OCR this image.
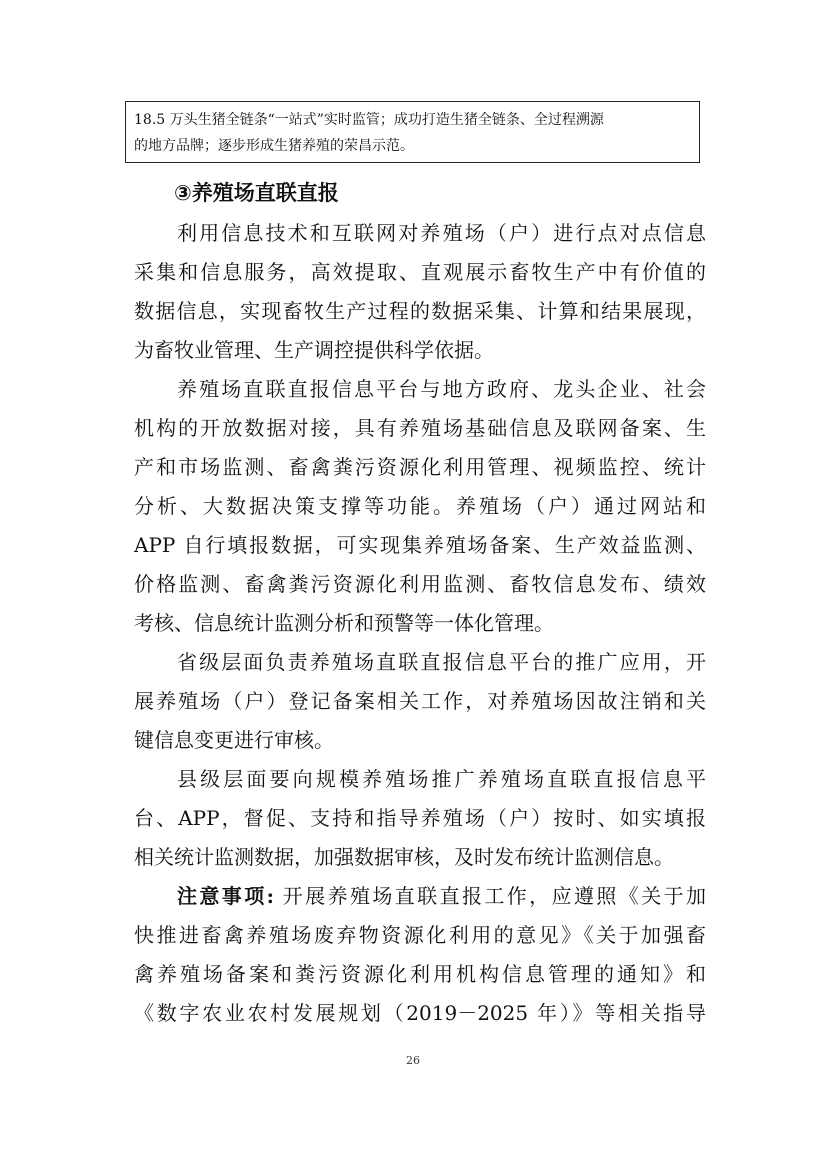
18.5 万头生猪全链条“一站式”实时监管；成功打造生猪全链条、全过程溯源

的地方品牌；逐步形成生猪养殖的荣昌示范。

③养殖场直联直报
利用信息技术和互联网对养殖场（户）进行点对点信息
采集和信息服务，高效提取、直观展示畜牧生产中有价值的
数据信息，实现畜牧生产过程的数据采集、计算和结果展现，
为畜牧业管理、生产调控提供科学依据。
养殖场直联直报信息平台与地方政府、龙头企业、社会
机构的开放数据对接，具有养殖场基础信息及联网备案、生
产和市场监测、畜禽粪污资源化利用管理、视频监控、统计
分析、大数据决策支撑等功能。养殖场（户）通过网站和
APP 自行填报数据，可实现集养殖场备案、生产效益监测、
价格监测、畜禽粪污资源化利用监测、畜牧信息发布、绩效
考核、信息统计监测分析和预警等一体化管理。
省级层面负责养殖场直联直报信息平台的推广应用，开
展养殖场（户）登记备案相关工作，对养殖场因故注销和关
键信息变更进行审核。
县级层面要向规模养殖场推广养殖场直联直报信息平
台、APP，督促、支持和指导养殖场（户）按时、如实填报
相关统计监测数据，加强数据审核，及时发布统计监测信息。
注意事项: 开展养殖场直联直报工作，应遵照《关于加
快推进畜禽养殖场废弃物资源化利用的意见》《关于加强畜
禽养殖场备案和粪污资源化利用机构信息管理的通知》和
《数字农业农村发展规划（2019－2025 年）》等相关指导
26
